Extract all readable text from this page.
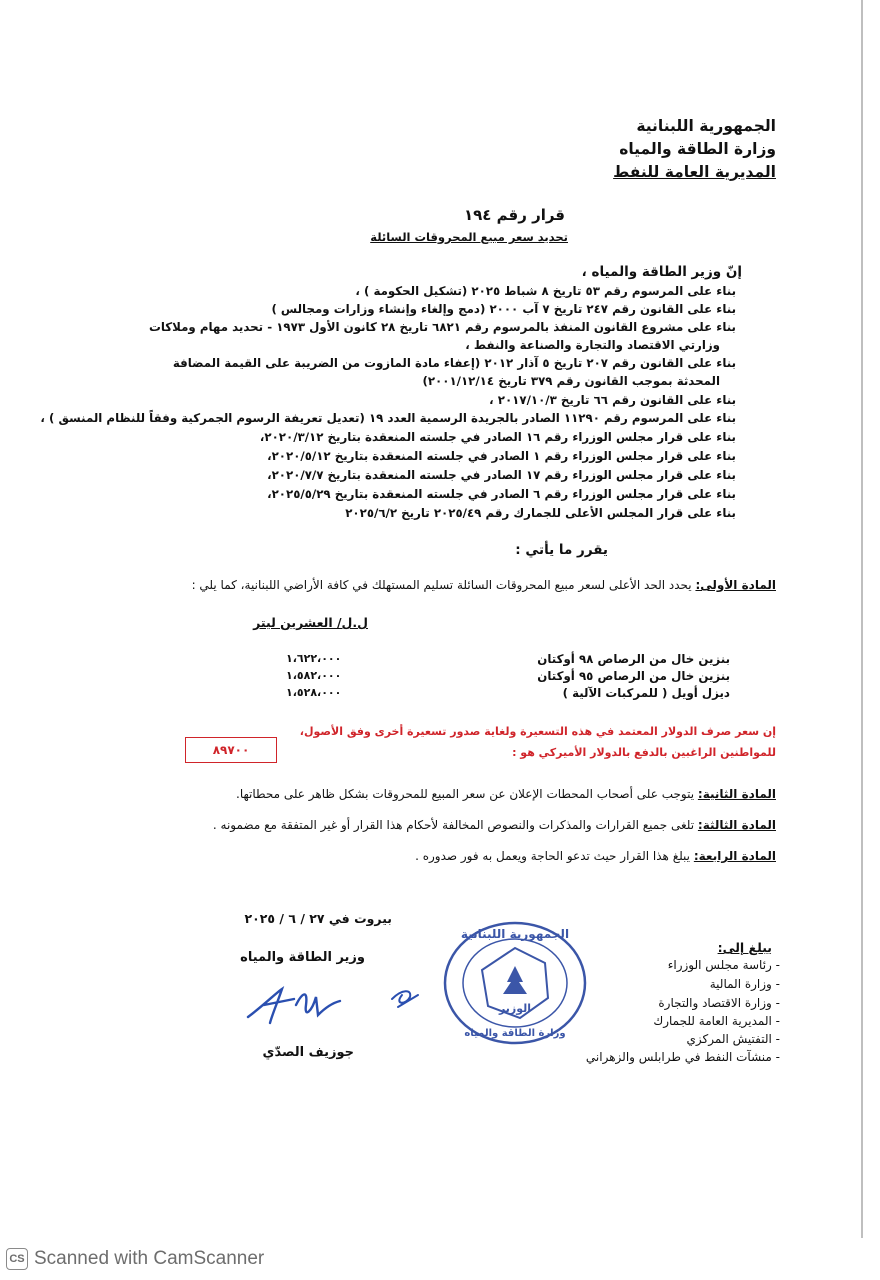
الجمهورية اللبنانية
وزارة الطاقة والمياه
المديرية العامة للنفط
قرار رقم ١٩٤
تحديد سعر مبيع المحروقات السائلة
إنّ وزير الطاقة والمياه ،
بناء على المرسوم رقم ٥٣ تاريخ ٨ شباط ٢٠٢٥ (تشكيل الحكومة ) ،
بناء على القانون رقم ٢٤٧ تاريخ ٧ آب ٢٠٠٠ (دمج وإلغاء وإنشاء وزارات ومجالس )
بناء على مشروع القانون المنفذ بالمرسوم رقم ٦٨٢١ تاريخ ٢٨ كانون الأول ١٩٧٣ - تحديد مهام وملاكات
وزارتي الاقتصاد والتجارة والصناعة والنفط ،
بناء على القانون رقم ٢٠٧ تاريخ ٥ آذار ٢٠١٢ (إعفاء مادة المازوت من الضريبة على القيمة المضافة
المحدثة بموجب القانون رقم ٣٧٩ تاريخ ٢٠٠١/١٢/١٤)
بناء على القانون رقم ٦٦ تاريخ ٢٠١٧/١٠/٣ ،
بناء على المرسوم رقم ١١٢٩٠ الصادر بالجريدة الرسمية العدد ١٩ (تعديل تعريفة الرسوم الجمركية وفقاً للنظام المنسق ) ،
بناء على قرار مجلس الوزراء رقم ١٦ الصادر في جلسته المنعقدة بتاريخ ٢٠٢٠/٣/١٢،
بناء على قرار مجلس الوزراء رقم ١ الصادر في جلسته المنعقدة بتاريخ ٢٠٢٠/٥/١٢،
بناء على قرار مجلس الوزراء رقم ١٧ الصادر في جلسته المنعقدة بتاريخ ٢٠٢٠/٧/٧،
بناء على قرار مجلس الوزراء رقم ٦ الصادر في جلسته المنعقدة بتاريخ ٢٠٢٥/٥/٢٩،
بناء على قرار المجلس الأعلى للجمارك رقم ٢٠٢٥/٤٩ تاريخ ٢٠٢٥/٦/٢
يقرر ما يأتي :
المادة الأولى: يحدد الحد الأعلى لسعر مبيع المحروقات السائلة تسليم المستهلك في كافة الأراضي اللبنانية، كما يلي :
ل.ل/ العشرين ليتر
بنزين خال من الرصاص ٩٨ أوكتان
١،٦٢٢،٠٠٠
بنزين خال من الرصاص ٩٥ أوكتان
١،٥٨٢،٠٠٠
ديزل أويل ( للمركبات الآلية )
١،٥٢٨،٠٠٠
إن سعر صرف الدولار المعتمد في هذه التسعيرة ولغاية صدور تسعيرة أخرى وفق الأصول،
للمواطنين الراغبين بالدفع بالدولار الأميركي هو :
٨٩٧٠٠
المادة الثانية: يتوجب على أصحاب المحطات الإعلان عن سعر المبيع للمحروقات بشكل ظاهر على محطاتها.
المادة الثالثة: تلغى جميع القرارات والمذكرات والنصوص المخالفة لأحكام هذا القرار أو غير المتفقة مع مضمونه .
المادة الرابعة: يبلغ هذا القرار حيث تدعو الحاجة ويعمل به فور صدوره .
بيروت في ٢٧ / ٦ / ٢٠٢٥
وزير الطاقة والمياه
جوزيف الصدّي
الجمهورية اللبنانية
الوزير
وزارة الطاقة والمياه
يبلغ إلى:
- رئاسة مجلس الوزراء
- وزارة المالية
- وزارة الاقتصاد والتجارة
- المديرية العامة للجمارك
- التفتيش المركزي
- منشآت النفط في طرابلس والزهراني
CS Scanned with CamScanner
